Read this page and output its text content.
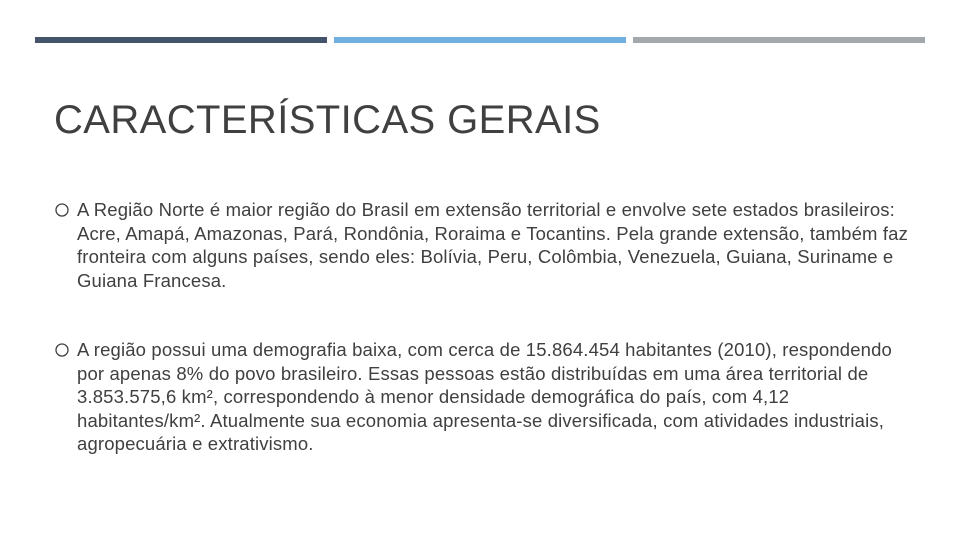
CARACTERÍSTICAS GERAIS
A Região Norte é maior região do Brasil em extensão territorial e envolve sete estados brasileiros: Acre, Amapá, Amazonas, Pará, Rondônia, Roraima e Tocantins. Pela grande extensão, também faz fronteira com alguns países, sendo eles: Bolívia, Peru, Colômbia, Venezuela, Guiana, Suriname e Guiana Francesa.
A região possui uma demografia baixa, com cerca de 15.864.454 habitantes (2010), respondendo por apenas 8% do povo brasileiro. Essas pessoas estão distribuídas em uma área territorial de 3.853.575,6 km², correspondendo à menor densidade demográfica do país, com 4,12 habitantes/km². Atualmente sua economia apresenta-se diversificada, com atividades industriais, agropecuária e extrativismo.
